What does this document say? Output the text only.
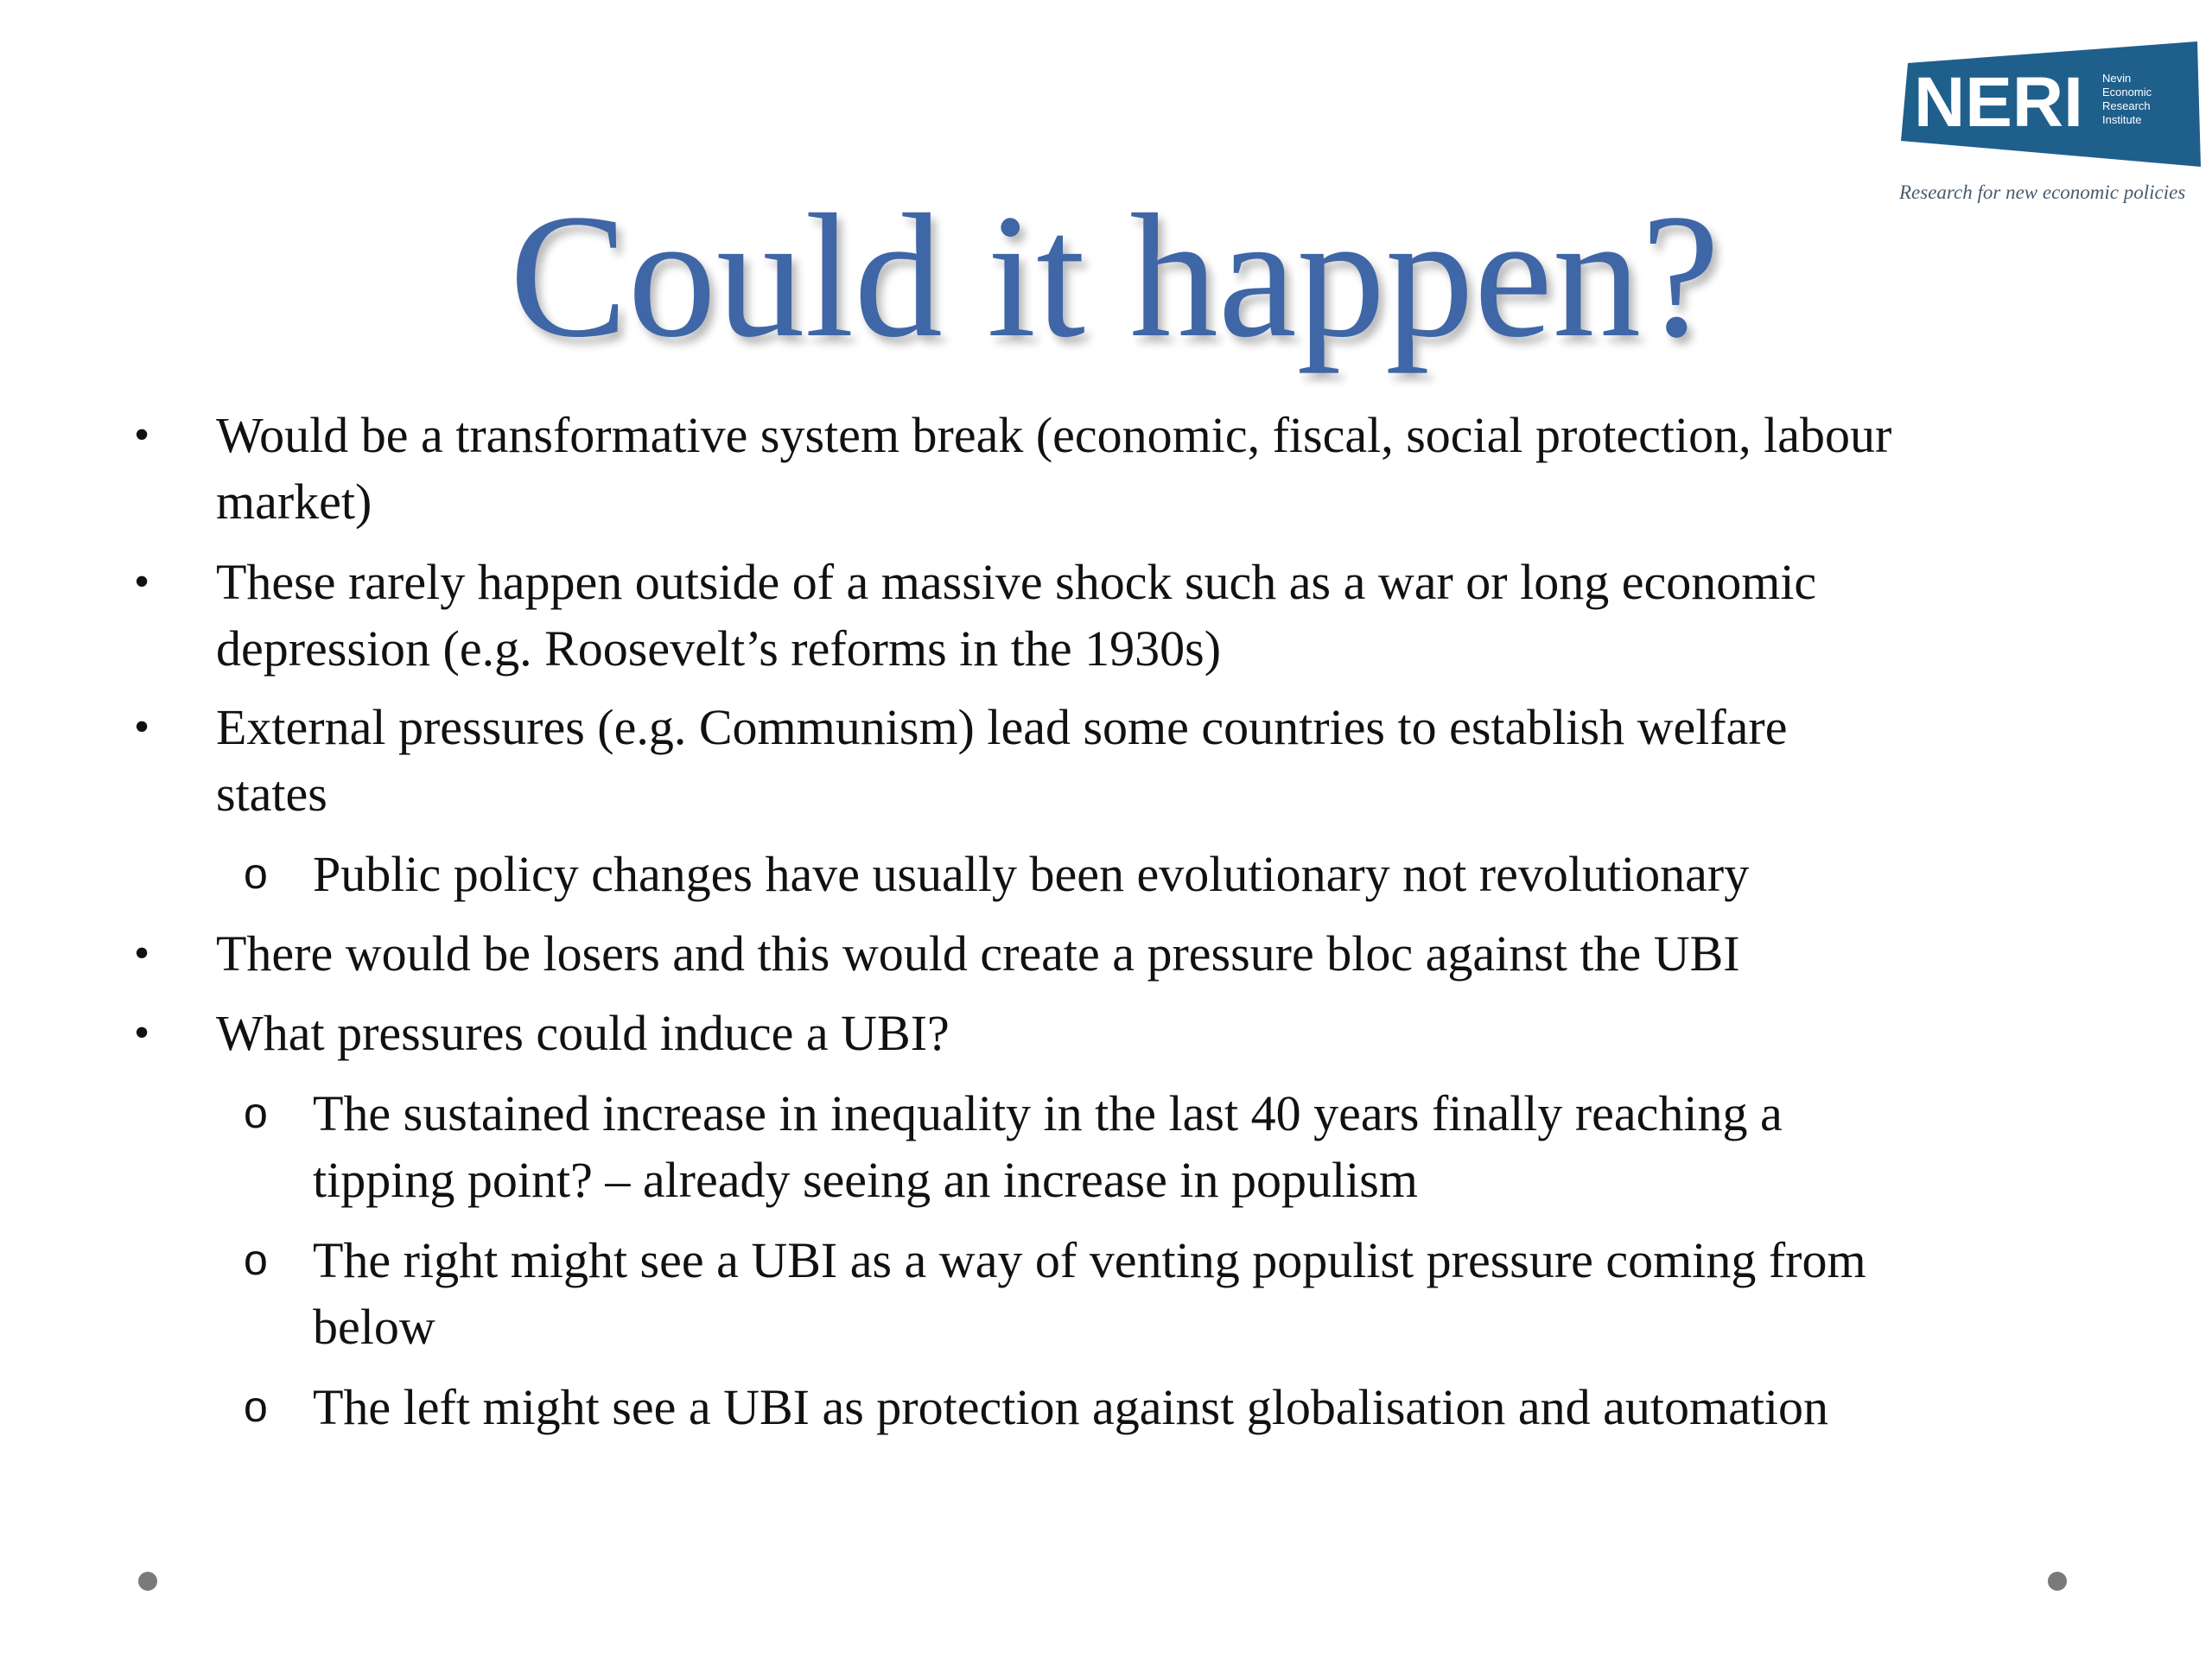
NERI Nevin
Economic
Research
Institute
Research for new economic policies
Could it happen?
• Would be a transformative system break (economic, fiscal, social protection, labour
market)
• These rarely happen outside of a massive shock such as a war or long economic
depression (e.g. Roosevelt’s reforms in the 1930s)
• External pressures (e.g. Communism) lead some countries to establish welfare
states
o Public policy changes have usually been evolutionary not revolutionary
• There would be losers and this would create a pressure bloc against the UBI
• What pressures could induce a UBI?
o The sustained increase in inequality in the last 40 years finally reaching a
tipping point? – already seeing an increase in populism
o The right might see a UBI as a way of venting populist pressure coming from
below
o The left might see a UBI as protection against globalisation and automation
